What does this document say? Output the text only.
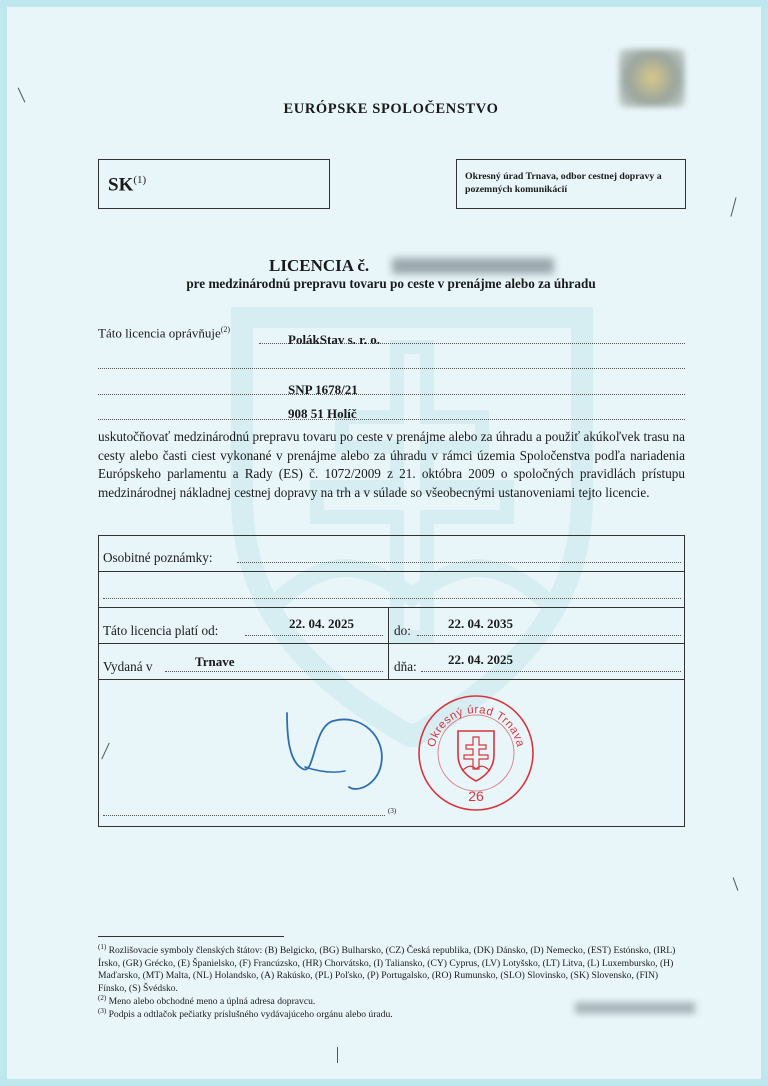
EURÓPSKE SPOLOČENSTVO
SK$^{(1)}$	Okresný úrad Trnava, odbor cestnej dopravy a pozemných komunikácií
LICENCIA č.
pre medzinárodnú prepravu tovaru po ceste v prenájme alebo za úhradu
Táto licencia oprávňuje$^{(2)}$
PolákStav s. r. o.
SNP 1678/21
908 51 Holíč
uskutočňovať medzinárodnú prepravu tovaru po ceste v prenájme alebo za úhradu a použiť akúkoľvek trasu na cesty alebo časti ciest vykonané v prenájme alebo za úhradu v rámci územia Spoločenstva podľa nariadenia Európskeho parlamentu a Rady (ES) č. 1072/2009 z 21. októbra 2009 o spoločných pravidlách prístupu medzinárodnej nákladnej cestnej dopravy na trh a v súlade so všeobecnými ustanoveniami tejto licencie.
Osobitné poznámky:
Táto licencia platí od:	22. 04. 2025	do:	22. 04. 2035
Vydaná v	Trnave	dňa: 22. 04. 2025
(3)
Okresný úrad Trnava
26
$^{(1)}$ Rozlišovacie symboly členských štátov: (B) Belgicko, (BG) Bulharsko, (CZ) Česká republika, (DK) Dánsko, (D) Nemecko, (EST) Estónsko, (IRL) Írsko, (GR) Grécko, (E) Španielsko, (F) Francúzsko, (HR) Chorvátsko, (I) Taliansko, (CY) Cyprus, (LV) Lotyšsko, (LT) Litva, (L) Luxembursko, (H) Maďarsko, (MT) Malta, (NL) Holandsko, (A) Rakúsko, (PL) Poľsko, (P) Portugalsko, (RO) Rumunsko, (SLO) Slovinsko, (SK) Slovensko, (FIN) Fínsko, (S) Švédsko.
$^{(2)}$ Meno alebo obchodné meno a úplná adresa dopravcu.
$^{(3)}$ Podpis a odtlačok pečiatky príslušného vydávajúceho orgánu alebo úradu.
